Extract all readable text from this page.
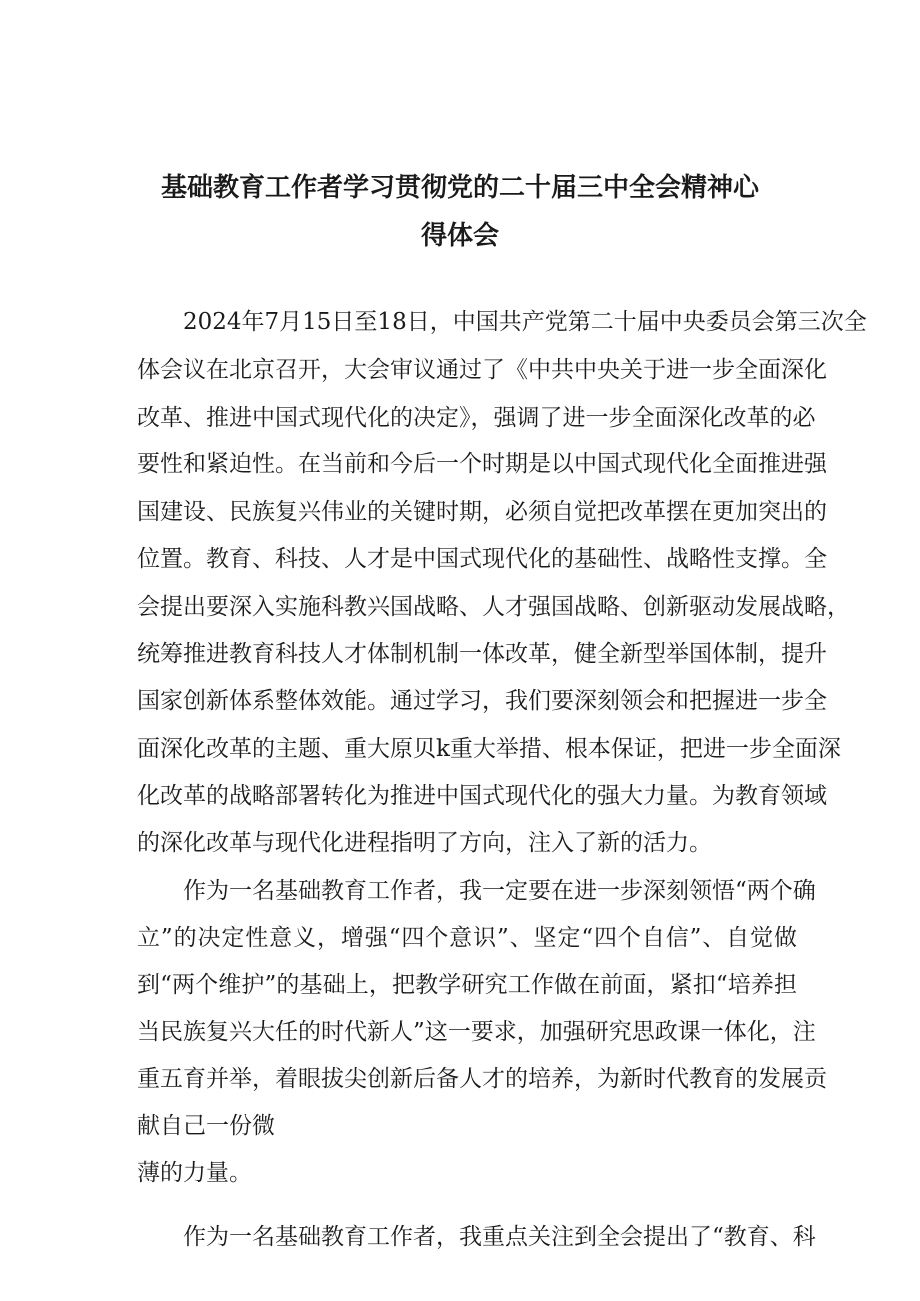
基础教育工作者学习贯彻党的二十届三中全会精神心
得体会
2024年7月15日至18日，中国共产党第二十届中央委员会第三次全
体会议在北京召开，大会审议通过了《中共中央关于进一步全面深化
改革、推进中国式现代化的决定》，强调了进一步全面深化改革的必
要性和紧迫性。在当前和今后一个时期是以中国式现代化全面推进强
国建设、民族复兴伟业的关键时期，必须自觉把改革摆在更加突出的
位置。教育、科技、人才是中国式现代化的基础性、战略性支撑。全
会提出要深入实施科教兴国战略、人才强国战略、创新驱动发展战略，
统筹推进教育科技人才体制机制一体改革，健全新型举国体制，提升
国家创新体系整体效能。通过学习，我们要深刻领会和把握进一步全
面深化改革的主题、重大原贝k重大举措、根本保证，把进一步全面深
化改革的战略部署转化为推进中国式现代化的强大力量。为教育领域
的深化改革与现代化进程指明了方向，注入了新的活力。
作为一名基础教育工作者，我一定要在进一步深刻领悟“两个确
立”的决定性意义，增强“四个意识”、坚定“四个自信”、自觉做
到“两个维护”的基础上，把教学研究工作做在前面，紧扣“培养担
当民族复兴大任的时代新人”这一要求，加强研究思政课一体化，注
重五育并举，着眼拔尖创新后备人才的培养，为新时代教育的发展贡
献自己一份微
薄的力量。
作为一名基础教育工作者，我重点关注到全会提出了“教育、科
